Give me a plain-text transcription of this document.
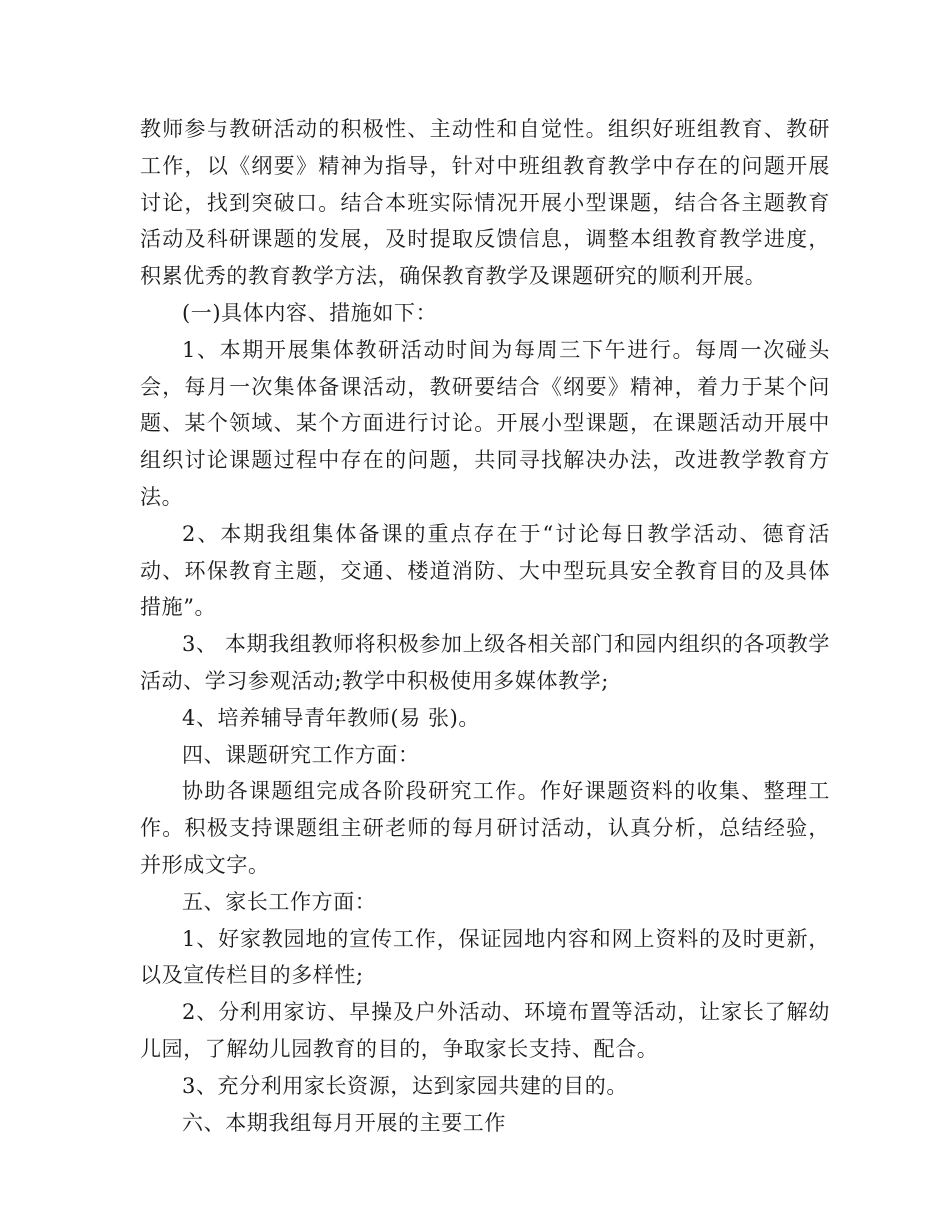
教师参与教研活动的积极性、主动性和自觉性。组织好班组教育、教研工作，以《纲要》精神为指导，针对中班组教育教学中存在的问题开展讨论，找到突破口。结合本班实际情况开展小型课题，结合各主题教育活动及科研课题的发展，及时提取反馈信息，调整本组教育教学进度，积累优秀的教育教学方法，确保教育教学及课题研究的顺利开展。

(一)具体内容、措施如下：

1、本期开展集体教研活动时间为每周三下午进行。每周一次碰头会，每月一次集体备课活动，教研要结合《纲要》精神，着力于某个问题、某个领域、某个方面进行讨论。开展小型课题，在课题活动开展中组织讨论课题过程中存在的问题，共同寻找解决办法，改进教学教育方法。

2、本期我组集体备课的重点存在于“讨论每日教学活动、德育活动、环保教育主题，交通、楼道消防、大中型玩具安全教育目的及具体措施”。

3、 本期我组教师将积极参加上级各相关部门和园内组织的各项教学活动、学习参观活动;教学中积极使用多媒体教学;

4、培养辅导青年教师(易 张)。

四、课题研究工作方面：

协助各课题组完成各阶段研究工作。作好课题资料的收集、整理工作。积极支持课题组主研老师的每月研讨活动，认真分析，总结经验，并形成文字。

五、家长工作方面：

1、好家教园地的宣传工作，保证园地内容和网上资料的及时更新，以及宣传栏目的多样性;

2、分利用家访、早操及户外活动、环境布置等活动，让家长了解幼儿园，了解幼儿园教育的目的，争取家长支持、配合。

3、充分利用家长资源，达到家园共建的目的。

六、本期我组每月开展的主要工作
